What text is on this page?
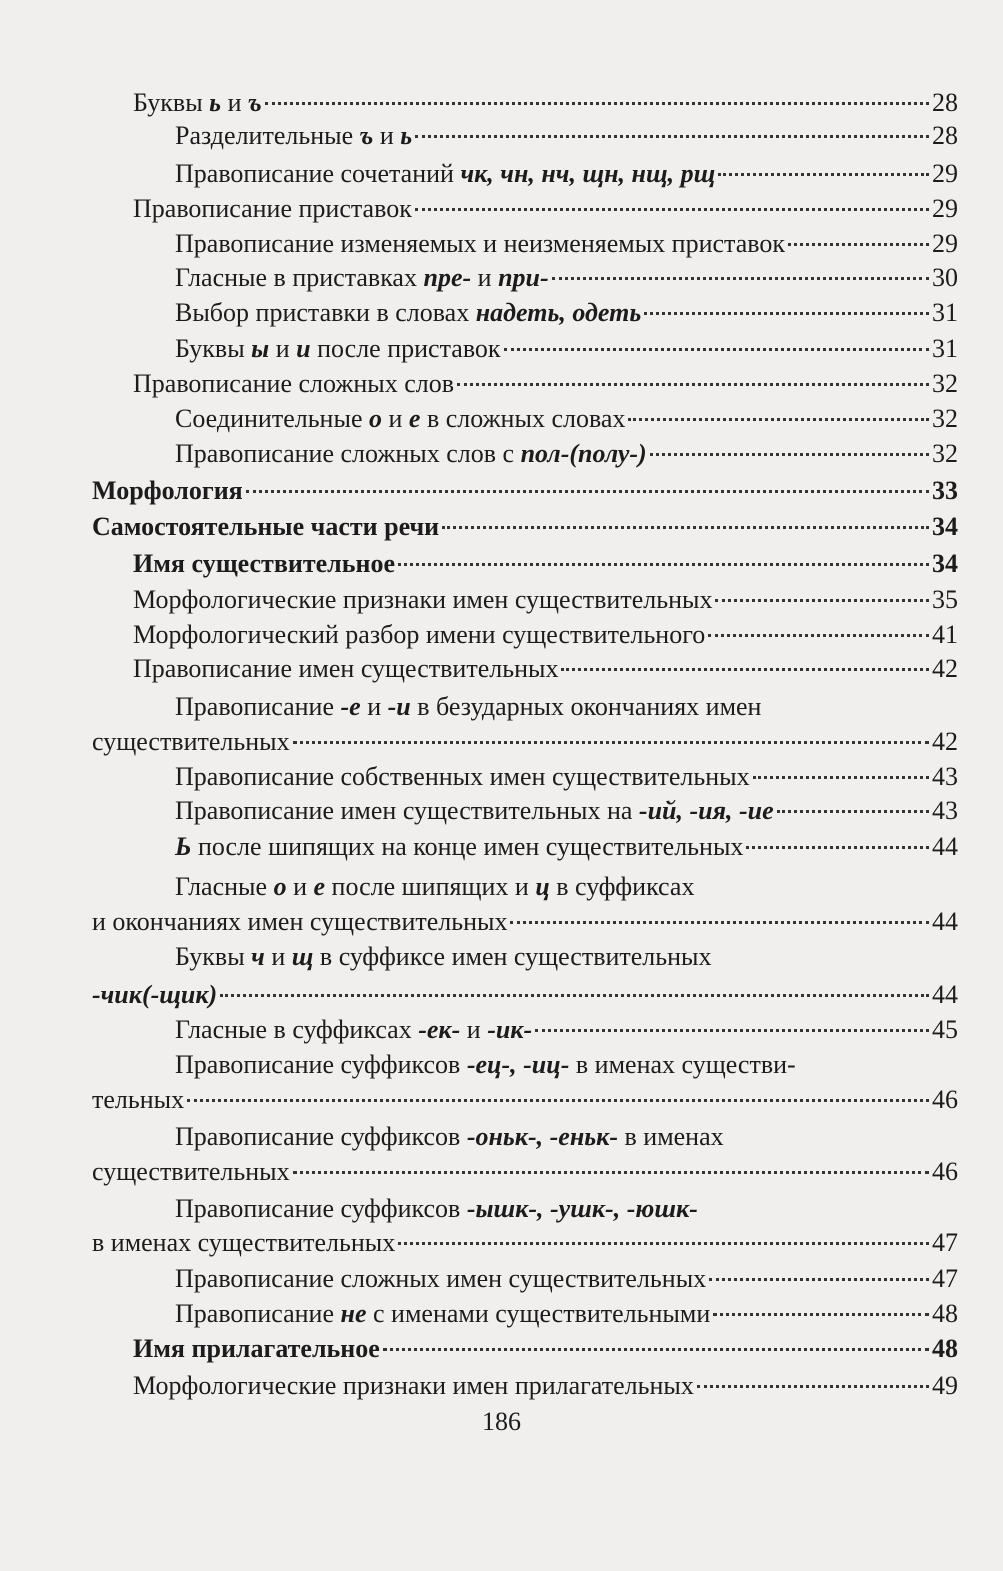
Буквы ь и ъ	28
Разделительные ъ и ь	28
Правописание сочетаний чк, чн, нч, щн, нщ, рщ	29
Правописание приставок	29
Правописание изменяемых и неизменяемых приставок	29
Гласные в приставках пре- и при-	30
Выбор приставки в словах надеть, одеть	31
Буквы ы и и после приставок	31
Правописание сложных слов	32
Соединительные о и е в сложных словах	32
Правописание сложных слов с пол-(полу-)	32
Морфология	33
Самостоятельные части речи	34
Имя существительное	34
Морфологические признаки имен существительных	35
Морфологический разбор имени существительного	41
Правописание имен существительных	42
Правописание -е и -и в безударных окончаниях имен
существительных	42
Правописание собственных имен существительных	43
Правописание имен существительных на -ий, -ия, -ие	43
Ь после шипящих на конце имен существительных	44
Гласные о и е после шипящих и ц в суффиксах
и окончаниях имен существительных	44
Буквы ч и щ в суффиксе имен существительных
-чик(-щик)	44
Гласные в суффиксах -ек- и -ик-	45
Правописание суффиксов -ец-, -иц- в именах существи-
тельных	46
Правописание суффиксов -оньк-, -еньк- в именах
существительных	46
Правописание суффиксов -ышк-, -ушк-, -юшк-
в именах существительных	47
Правописание сложных имен существительных	47
Правописание не с именами существительными	48
Имя прилагательное	48
Морфологические признаки имен прилагательных	49
186
